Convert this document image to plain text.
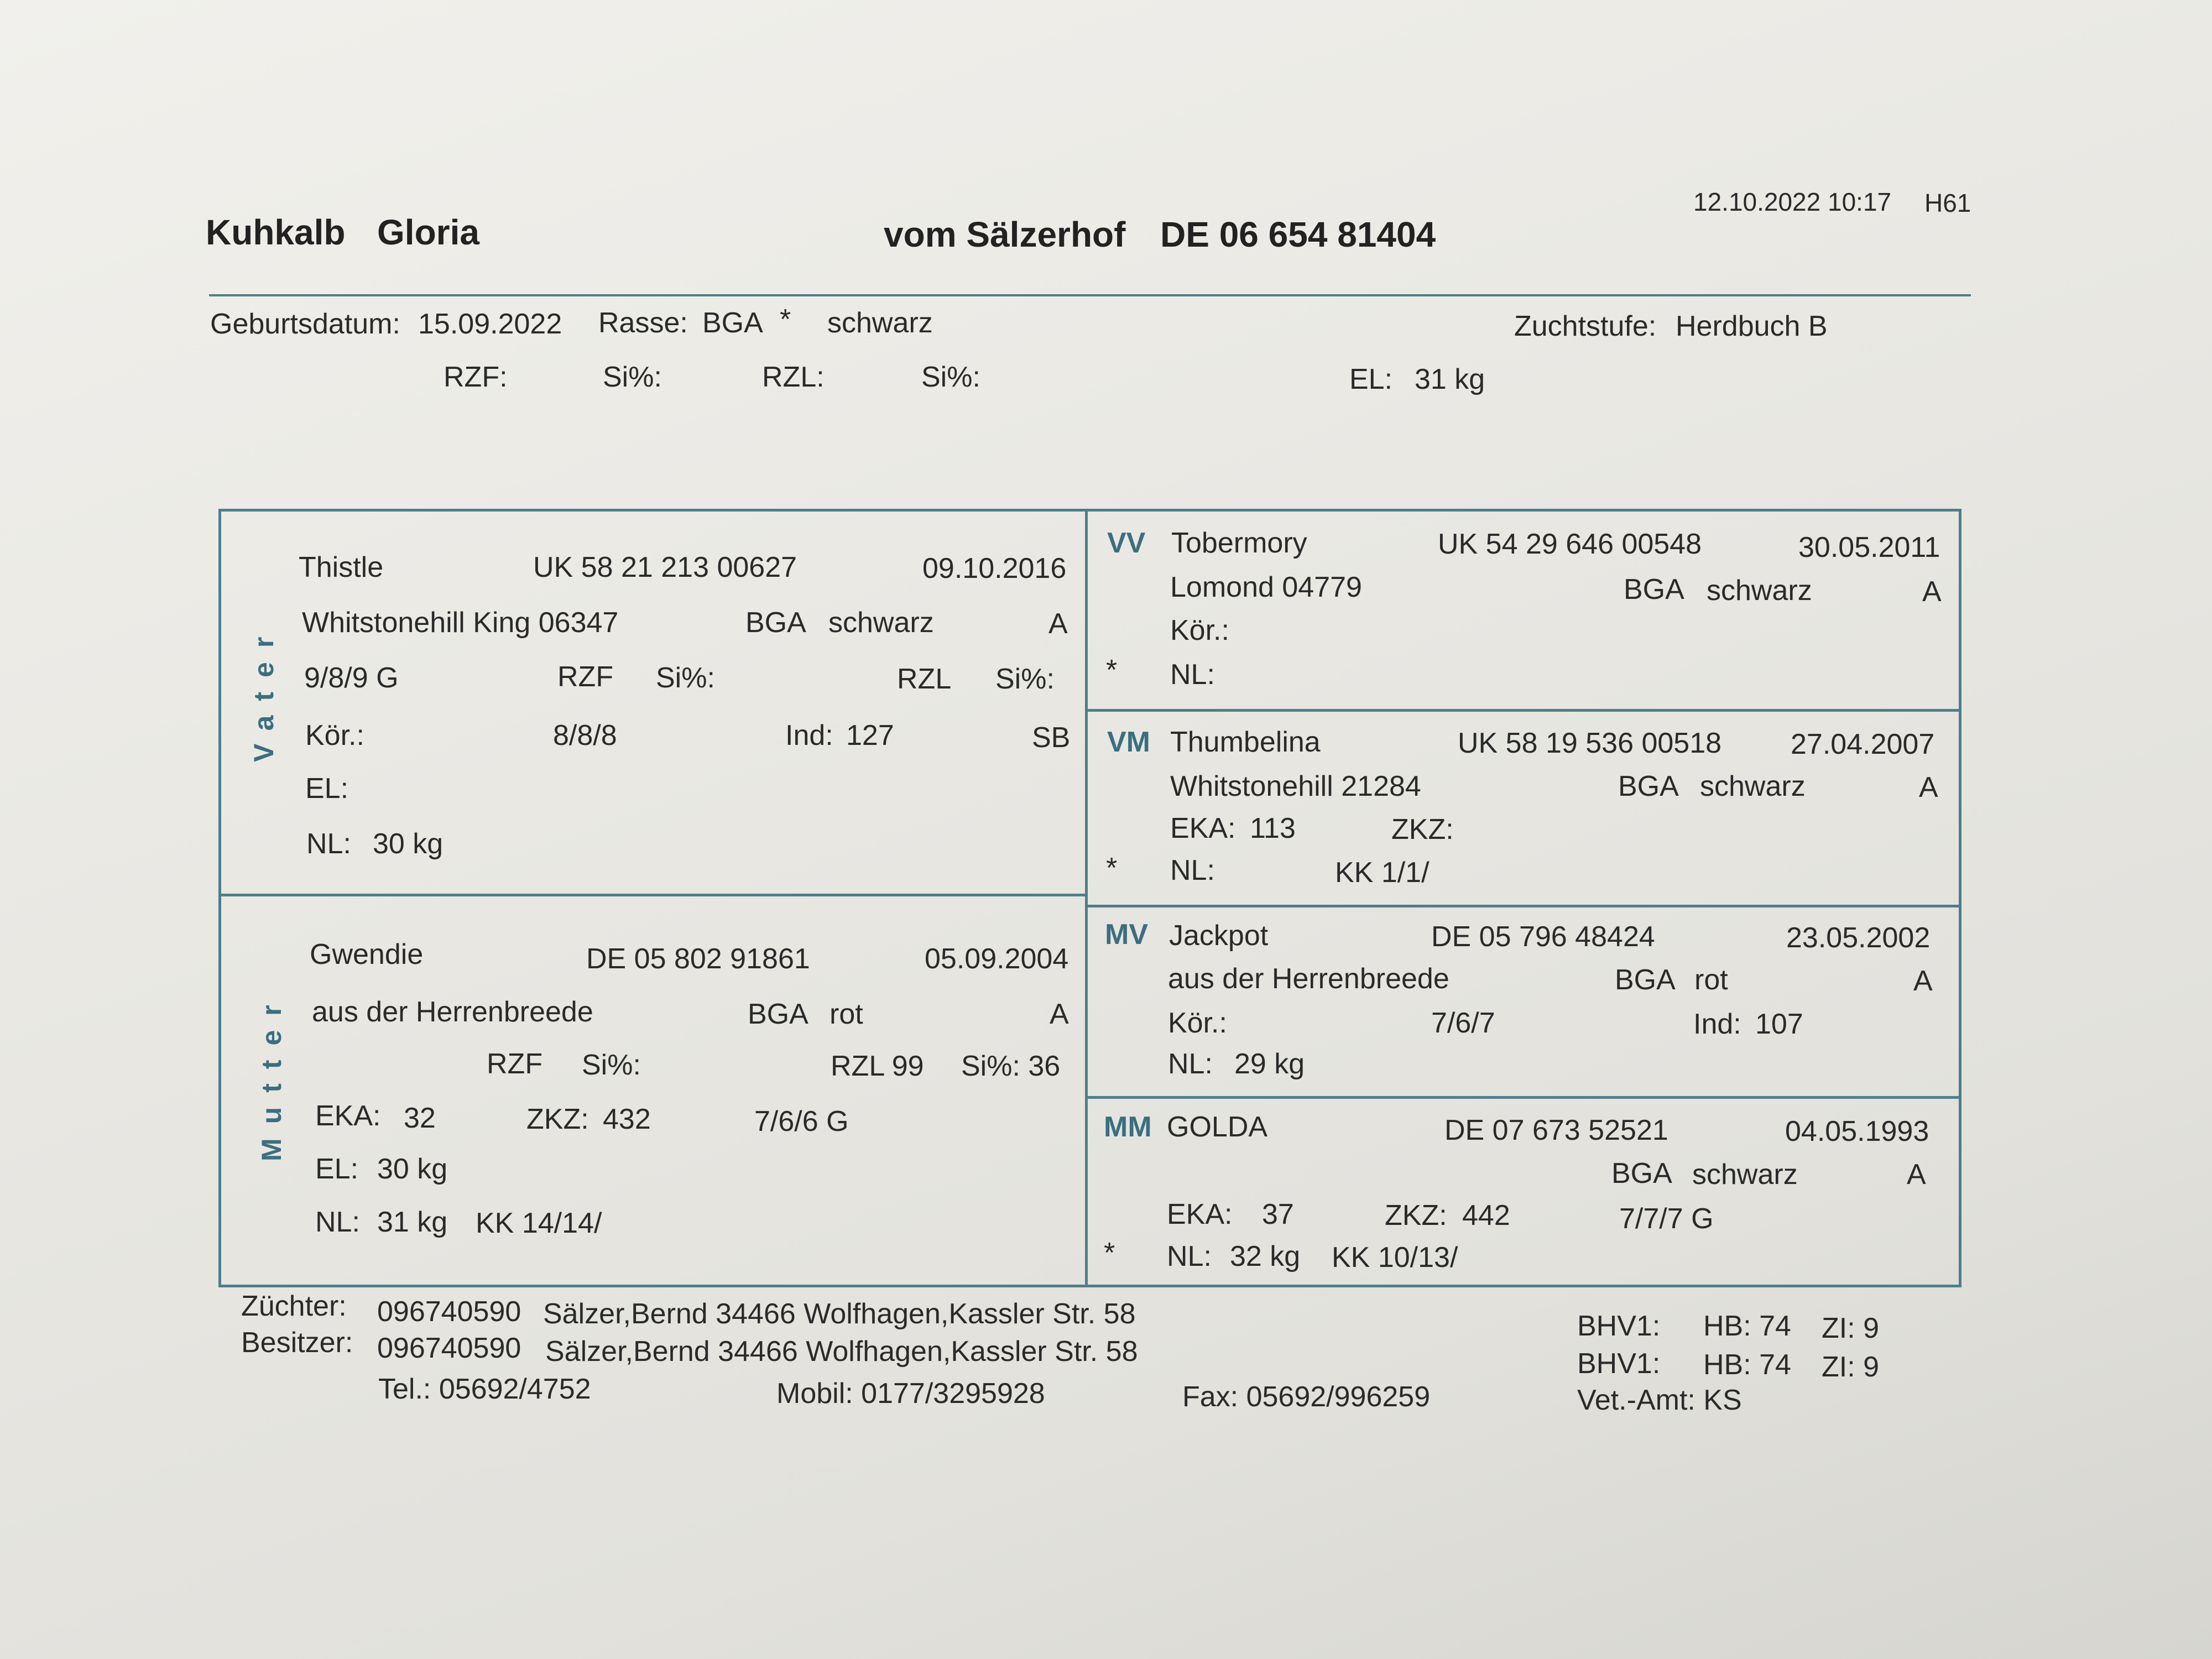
Kuhkalb Gloria	vom Sälzerhof DE 06 654 81404
12.10.2022 10:17 H61
Geburtsdatum: 15.09.2022 Rasse: BGA * schwarz	Zuchtstufe: Herdbuch B
RZF:	Si%:	RZL:	Si%:	EL: 31 kg
Vater
Thistle	UK 58 21 213 00627	09.10.2016
Whitstonehill King 06347	BGA schwarz	A
9/8/9 G	RZF Si%:	RZL Si%:
Kör.:	8/8/8	Ind: 127	SB
EL:
NL: 30 kg
Mutter
Gwendie	DE 05 802 91861	05.09.2004
aus der Herrenbreede	BGA rot	A
RZF Si%:	RZL 99 Si%: 36
EKA: 32	ZKZ: 432	7/6/6 G
EL: 30 kg
NL: 31 kg KK 14/14/
VV Tobermory	UK 54 29 646 00548	30.05.2011
Lomond 04779	BGA schwarz	A
Kör.:
* NL:
VM Thumbelina	UK 58 19 536 00518 27.04.2007
Whitstonehill 21284	BGA schwarz	A
EKA: 113	ZKZ:
* NL:	KK 1/1/
MV Jackpot	DE 05 796 48424	23.05.2002
aus der Herrenbreede	BGA rot	A
Kör.:	7/6/7	Ind: 107
NL: 29 kg
MM GOLDA	DE 07 673 52521	04.05.1993
BGA schwarz	A
EKA: 37	ZKZ: 442	7/7/7 G
* NL: 32 kg KK 10/13/
Züchter: 096740590 Sälzer,Bernd 34466 Wolfhagen,Kassler Str. 58
Besitzer: 096740590 Sälzer,Bernd 34466 Wolfhagen,Kassler Str. 58
Tel.: 05692/4752	Mobil: 0177/3295928	Fax: 05692/996259
BHV1: HB: 74 ZI: 9
BHV1: HB: 74 ZI: 9
Vet.-Amt: KS
